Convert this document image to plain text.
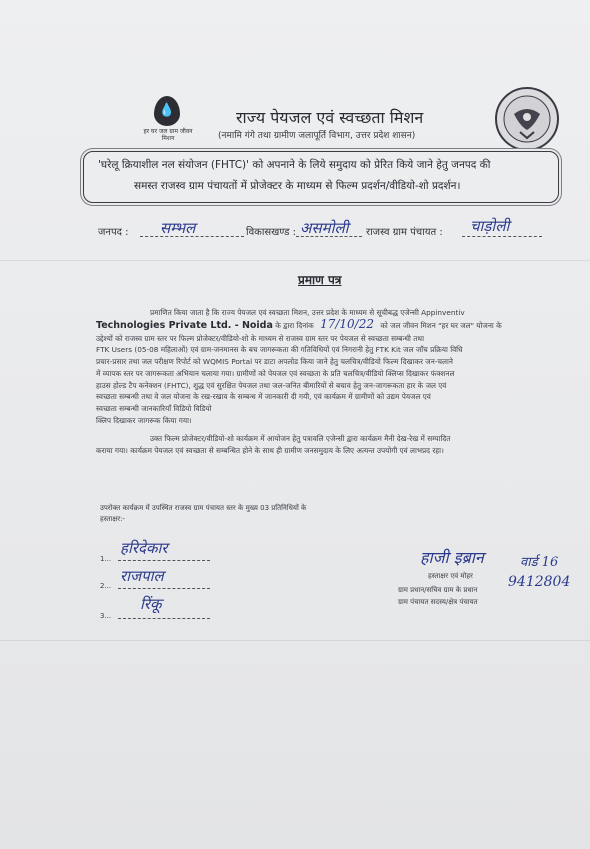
💧
हर घर जल ग्राम जीवन मिशन
राज्य पेयजल एवं स्वच्छता मिशन
(नमामि गंगे तथा ग्रामीण जलापूर्ति विभाग, उत्तर प्रदेश शासन)
'घरेलू क्रियाशील नल संयोजन (FHTC)' को अपनाने के लिये समुदाय को प्रेरित किये जाने हेतु जनपद की
समस्त राजस्व ग्राम पंचायतों में प्रोजेक्टर के माध्यम से फिल्म प्रदर्शन/वीडियो-शो प्रदर्शन।
जनपद : सम्भल	विकासखण्ड : असमोली राजस्व ग्राम पंचायत : चाड़ोली
प्रमाण पत्र
प्रमाणित किया जाता है कि राज्य पेयजल एवं स्वच्छता मिशन, उत्तर प्रदेश के माध्यम से सूचीबद्ध एजेन्सी Appinventiv
Technologies Private Ltd. - Noida के द्वारा दिनांक 17/10/22 को जल जीवन मिशन "हर घर जल" योजना के
उद्देश्यों को राजस्व ग्राम स्तर पर फिल्म प्रोजेक्टर/वीडियो-शो के माध्यम से राजस्व ग्राम स्तर पर पेयजल से स्वच्छता सम्बन्धी तथा
FTK Users (05-08 महिलाओं) एवं ग्राम-जनमानस के बच जागरूकता की गतिविधियों एवं निगरानी हेतु FTK Kit जल जाँच प्रक्रिया विधि
प्रचार-प्रसार तथा जल परीक्षण रिपोर्ट को WQMIS Portal पर डाटा अपलोड किया जाने हेतु चलचित्र/वीडियो फिल्म दिखाकर जन-चलाने
में व्यापक स्तर पर जागरूकता अभियान चलाया गया। ग्रामीणों को पेयजल एवं स्वच्छता के प्रति चलचित्र/वीडियो क्लिप्स दिखाकर फंक्शनल
हाउस होल्ड टैप कनेक्शन (FHTC), शुद्ध एवं सुरक्षित पेयजल तथा जल-जनित बीमारियों से बचाव हेतु जन-जागरूकता हार के जल एवं
स्वच्छता सम्बन्धी तथा वे जल योजना के रख-रखाव के सम्बन्ध में जानकारी दी गयी, एवं कार्यक्रम में ग्रामीणों को उद्यम पेयजल एवं
स्वच्छता सम्बन्धी जानकारियाँ विडियो विडियो
क्लिप दिखाकर जागरूक किया गया।
उक्त फिल्म प्रोजेक्टर/वीडियो-शो कार्यक्रम में आयोजन हेतु पत्रावलि एजेन्सी द्वारा कार्यक्रम मैनी देख-रेख में सम्पादित
कराया गया। कार्यक्रम पेयजल एवं स्वच्छता से सम्बन्धित होने के साथ ही ग्रामीण जनसमुदाय के लिए अत्यन्त उपयोगी एवं लाभप्रद रहा।
उपरोक्त कार्यक्रम में उपस्थित राजस्व ग्राम पंचायत स्तर के मुख्य 03 प्रतिनिधियों के
हस्ताक्षर:-
1...
हरिदेकार
2...
राजपाल
3...
रिंकू
हाजी इब्रान	वार्ड 16
हस्ताक्षर एवं मोहर	9412804
ग्राम प्रधान/सचिव ग्राम के प्रधान
ग्राम पंचायत सदस्य/क्षेत्र पंचायत
